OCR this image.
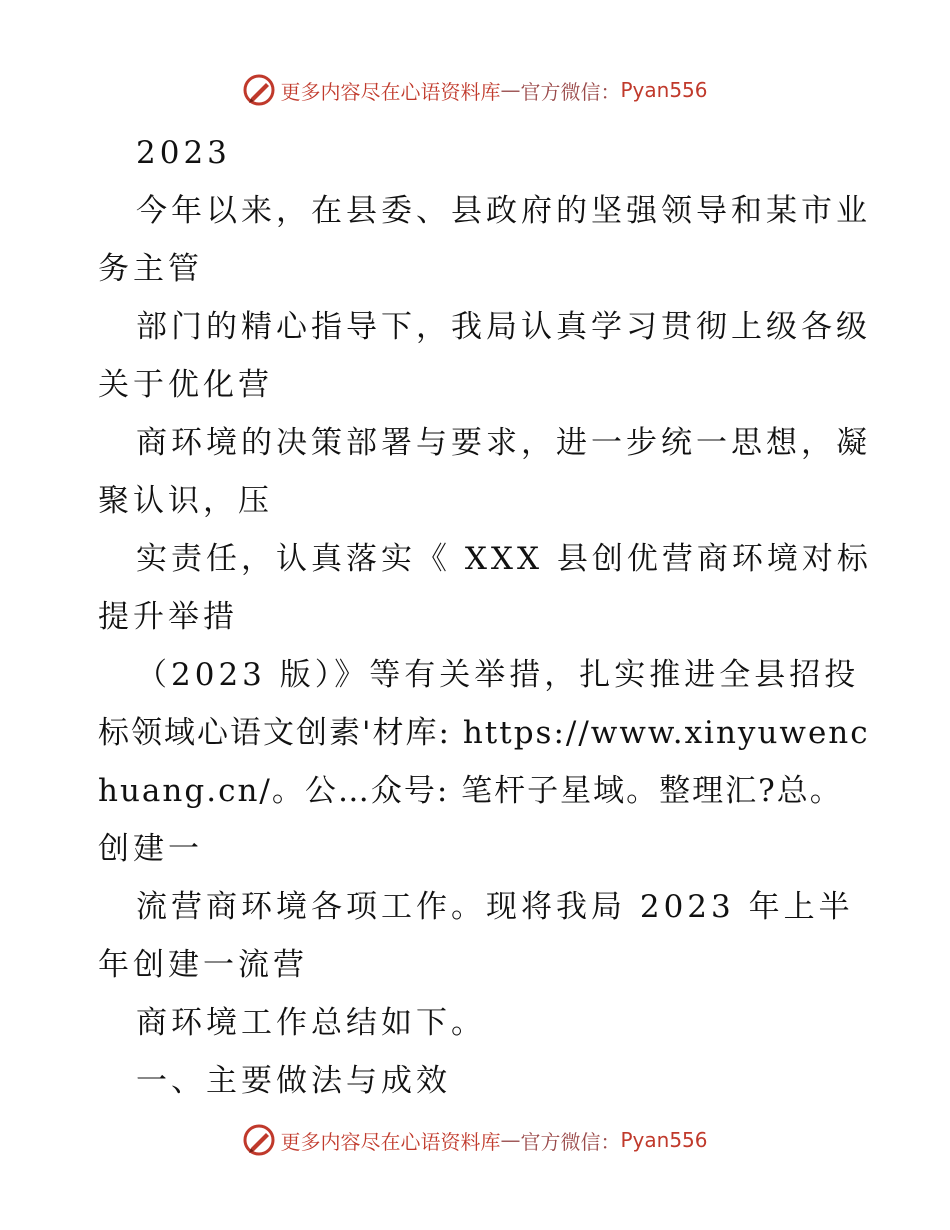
更多内容尽在心语资料库 — 官方微信： Pyan556
2023
今年以来，在县委、县政府的坚强领导和某市业
务主管
部门的精心指导下，我局认真学习贯彻上级各级
关于优化营
商环境的决策部署与要求，进一步统一思想，凝
聚认识，压
实责任，认真落实《 XXX 县创优营商环境对标
提升举措
（2023 版）》等有关举措，扎实推进全县招投
标领域心语文创素'材库: https://www.xinyuwenc
huang.cn/。公…众号: 笔杆子星域。整理汇?总。
创建一
流营商环境各项工作。现将我局 2023 年上半
年创建一流营
商环境工作总结如下。
一、主要做法与成效
更多内容尽在心语资料库 — 官方微信： Pyan556
